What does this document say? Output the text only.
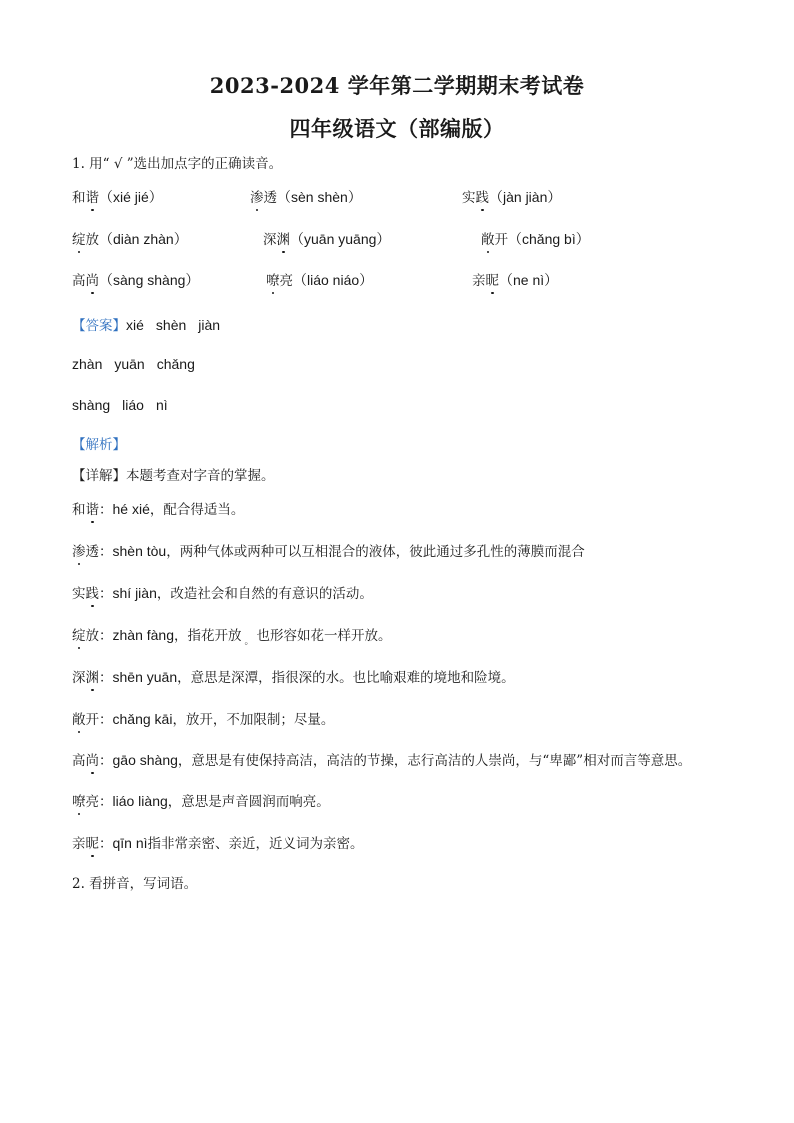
2023-2024 学年第二学期期末考试卷
四年级语文（部编版）
1. 用“ √ ”选出加点字的正确读音。
和谐（xié jié）	渗透（sèn shèn）	实践（jàn jiàn）
绽放（diàn zhàn）	深渊（yuān yuāng）	敞开（chǎng bì）
高尚（sàng shàng）	嘹亮（liáo niáo）	亲昵（ne nì）
【答案】xié shèn jiàn
zhàn yuān chǎng
shàng liáo nì
【解析】
【详解】本题考查对字音的掌握。
和谐：hé xié，配合得适当。
渗透：shèn tòu，两种气体或两种可以互相混合的液体，彼此通过多孔性的薄膜而混合
实践：shí jiàn，改造社会和自然的有意识的活动。
绽放：zhàn fàng，指花开放 $_。$ 也形容如花一样开放。
深渊：shēn yuān，意思是深潭，指很深的水。也比喻艰难的境地和险境。
敞开：chǎng kāi，放开，不加限制；尽量。
高尚：gāo shàng，意思是有使保持高洁，高洁的节操，志行高洁的人崇尚，与“卑鄙”相对而言等意思。
嘹亮：liáo liàng，意思是声音圆润而响亮。
亲昵：qīn nì指非常亲密、亲近，近义词为亲密。
2. 看拼音，写词语。
